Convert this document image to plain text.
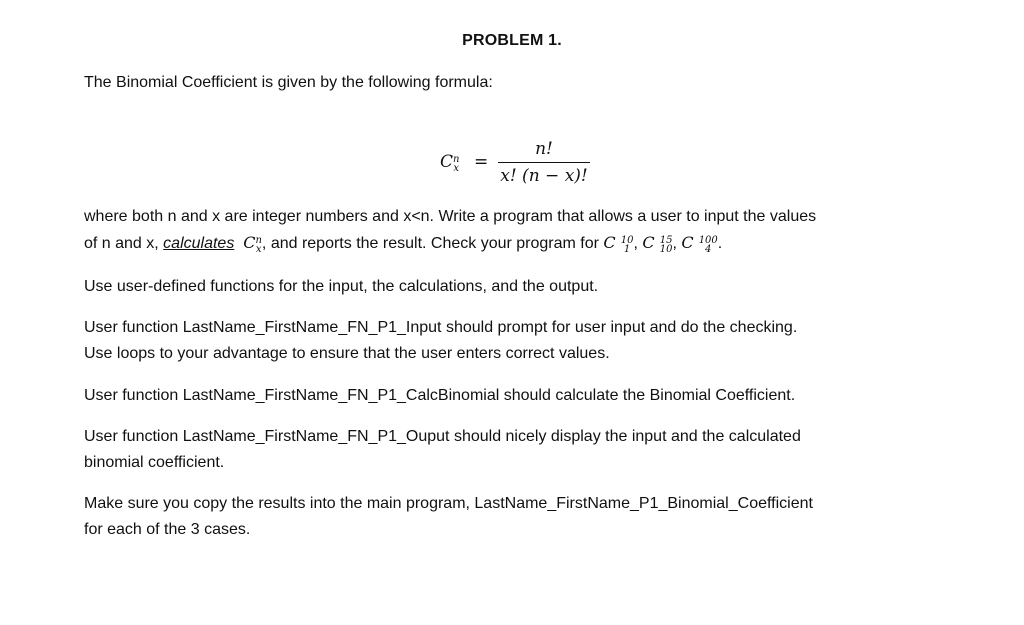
PROBLEM 1.
The Binomial Coefficient is given by the following formula:
C n
x =
n!
x! (n − x)!
where both n and x are integer numbers and x<n. Write a program that allows a user to input the values
of n and x, calculates C n
x , and reports the result. Check your program for C 10
1 , C 15
10 , C 100
4 .
Use user-defined functions for the input, the calculations, and the output.
User function LastName_FirstName_FN_P1_Input should prompt for user input and do the checking.
Use loops to your advantage to ensure that the user enters correct values.
User function LastName_FirstName_FN_P1_CalcBinomial should calculate the Binomial Coefficient.
User function LastName_FirstName_FN_P1_Ouput should nicely display the input and the calculated
binomial coefficient.
Make sure you copy the results into the main program, LastName_FirstName_P1_Binomial_Coefficient
for each of the 3 cases.
